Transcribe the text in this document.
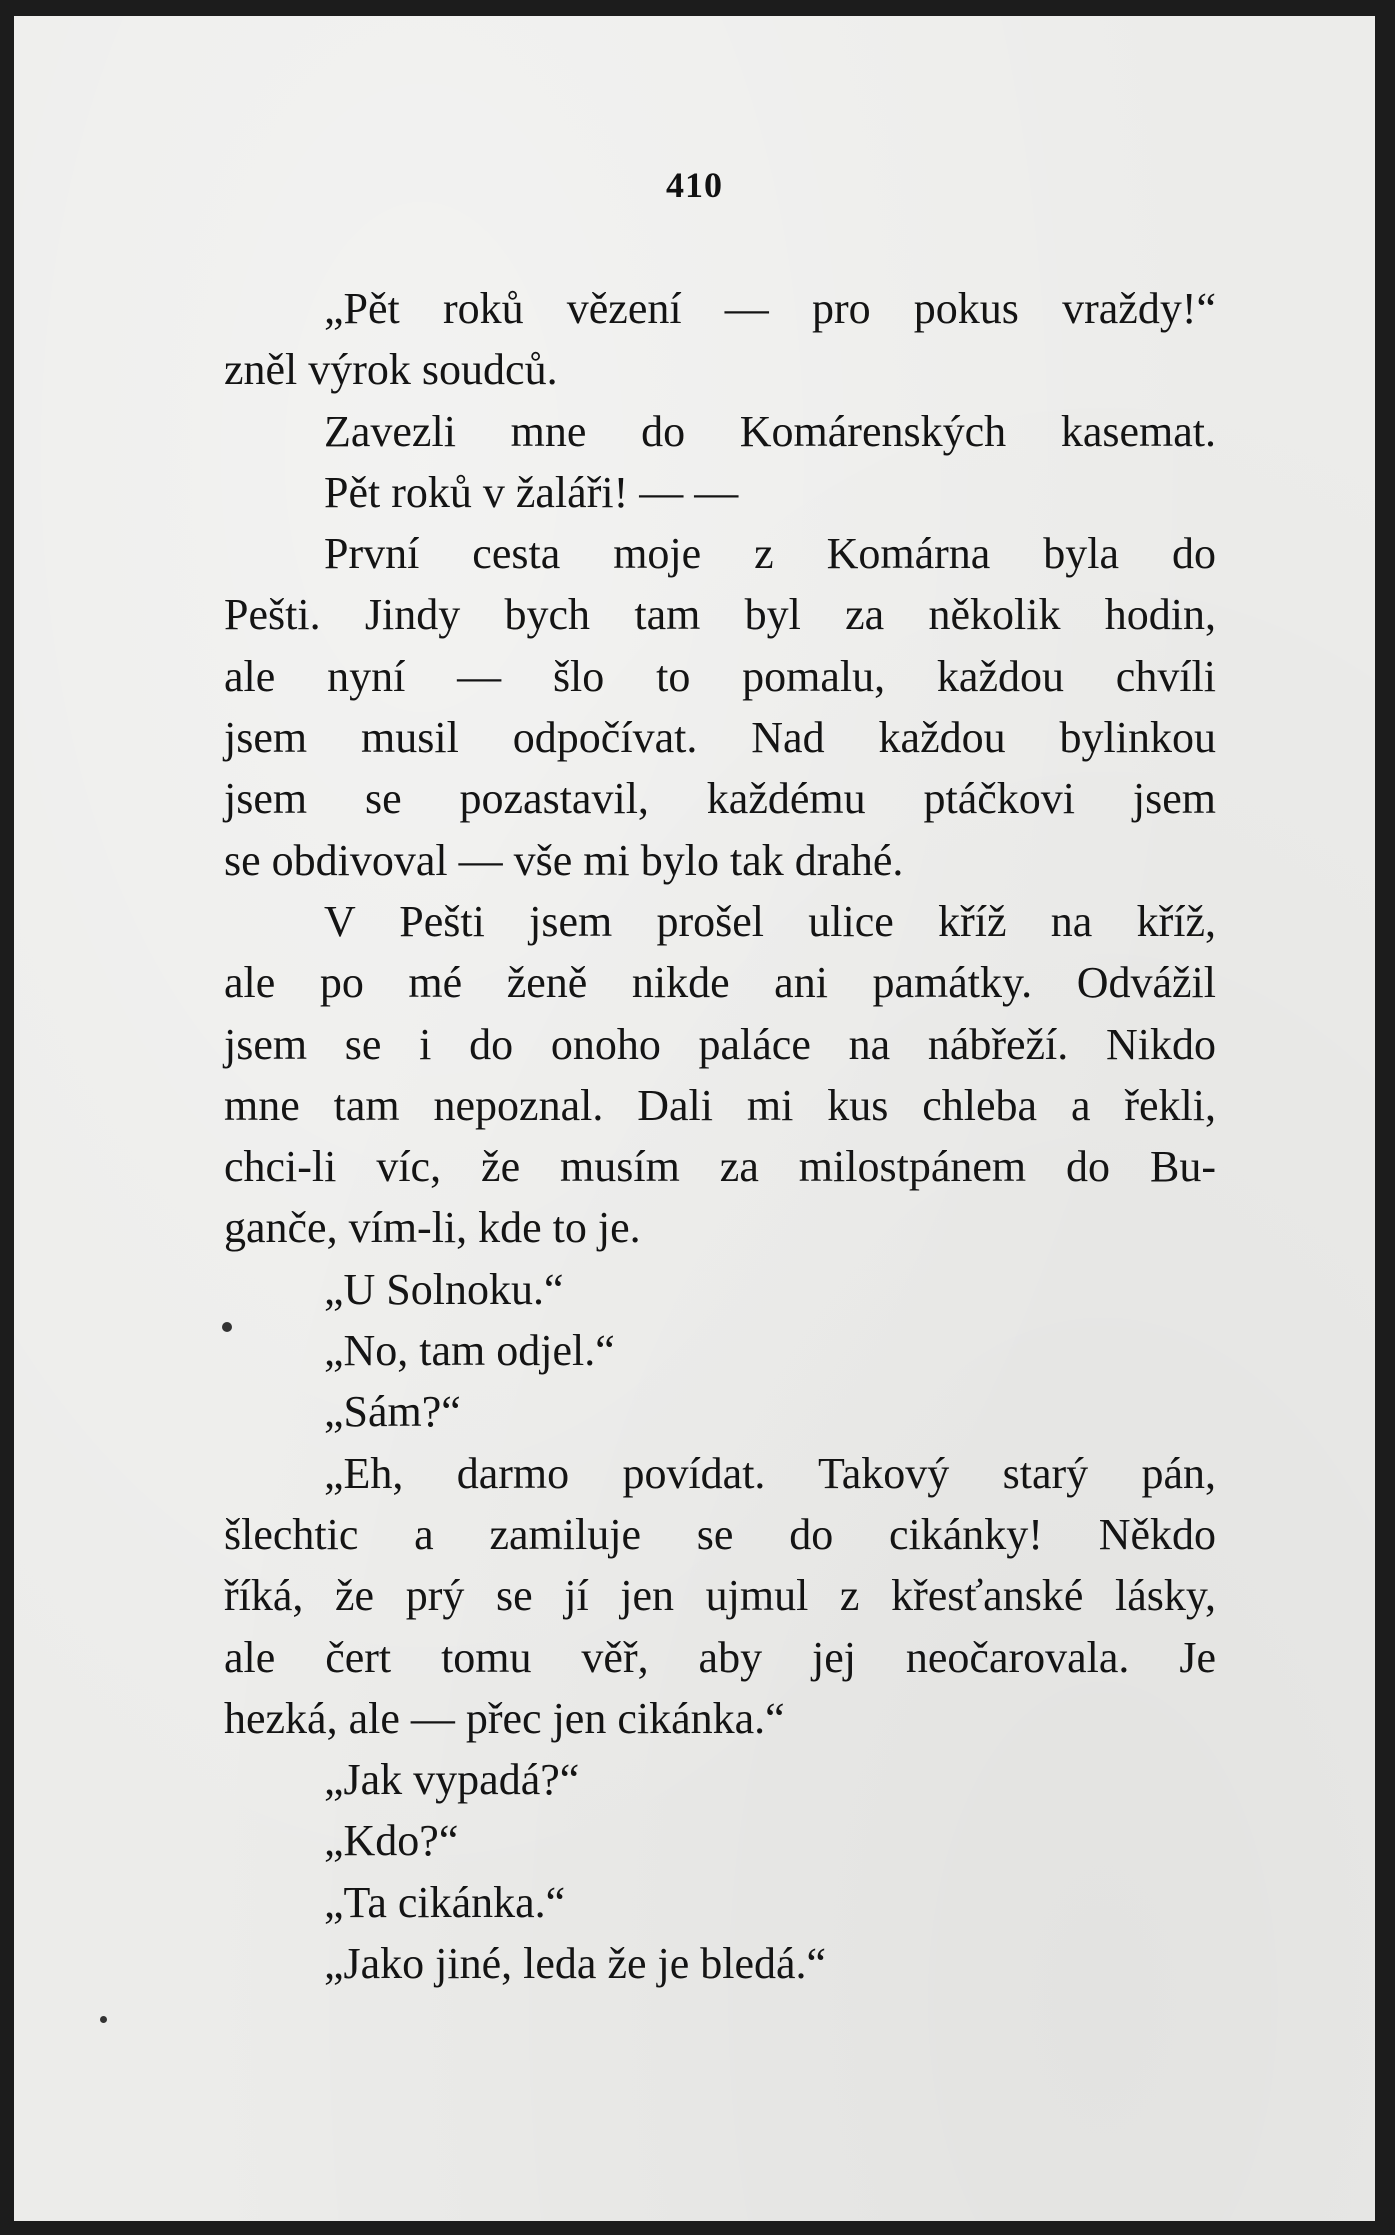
410
„Pět roků vězení — pro pokus vraždy!“
zněl výrok soudců.
Zavezli mne do Komárenských kasemat.
Pět roků v žaláři! — —
První cesta moje z Komárna byla do
Pešti. Jindy bych tam byl za několik hodin,
ale nyní — šlo to pomalu, každou chvíli
jsem musil odpočívat. Nad každou bylinkou
jsem se pozastavil, každému ptáčkovi jsem
se obdivoval — vše mi bylo tak drahé.
V Pešti jsem prošel ulice kříž na kříž,
ale po mé ženě nikde ani památky. Odvážil
jsem se i do onoho paláce na nábřeží. Nikdo
mne tam nepoznal. Dali mi kus chleba a řekli,
chci-li víc, že musím za milostpánem do Bu-
ganče, vím-li, kde to je.
„U Solnoku.“
„No, tam odjel.“
„Sám?“
„Eh, darmo povídat. Takový starý pán,
šlechtic a zamiluje se do cikánky! Někdo
říká, že prý se jí jen ujmul z křesťanské lásky,
ale čert tomu věř, aby jej neočarovala. Je
hezká, ale — přec jen cikánka.“
„Jak vypadá?“
„Kdo?“
„Ta cikánka.“
„Jako jiné, leda že je bledá.“
